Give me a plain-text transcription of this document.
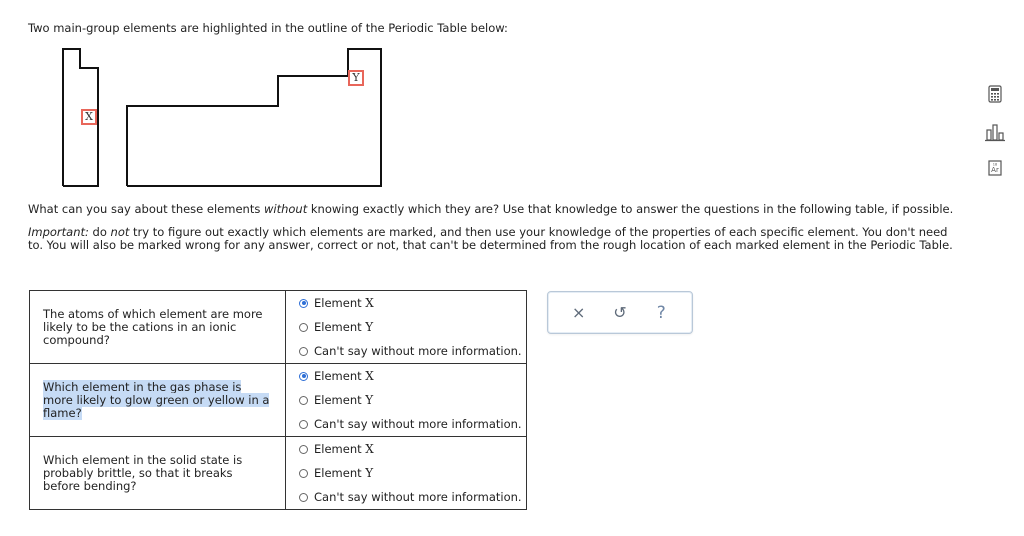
Two main-group elements are highlighted in the outline of the Periodic Table below:
X
Y
What can you say about these elements without knowing exactly which they are? Use that knowledge to answer the questions in the following table, if possible.
Important: do not try to figure out exactly which elements are marked, and then use your knowledge of the properties of each specific element. You don't need to. You will also be marked wrong for any answer, correct or not, that can't be determined from the rough location of each marked element in the Periodic Table.
The atoms of which element are more likely to be the cations in an ionic compound?	Element
X
Element
Y
Can't say without more information.

Which element in the gas phase is more likely to glow green or yellow in a flame?	Element
X
Element
Y
Can't say without more information.

Which element in the solid state is probably brittle, so that it breaks before bending?	Element
X
Element
Y
Can't say without more information.
×	↺	?
Ar
18
